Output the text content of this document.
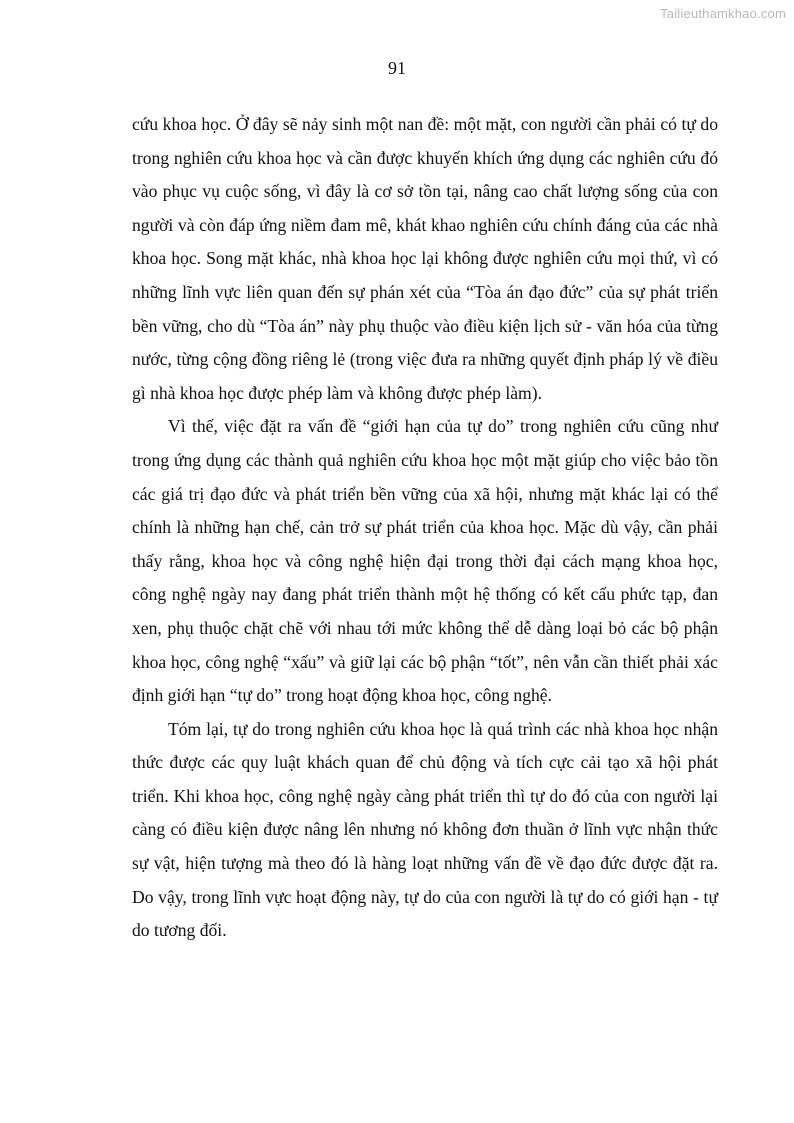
Tailieuthamkhao.com
91

cứu khoa học. Ở đây sẽ nảy sinh một nan đề: một mặt, con người cần phải có tự do trong nghiên cứu khoa học và cần được khuyến khích ứng dụng các nghiên cứu đó vào phục vụ cuộc sống, vì đây là cơ sở tồn tại, nâng cao chất lượng sống của con người và còn đáp ứng niềm đam mê, khát khao nghiên cứu chính đáng của các nhà khoa học. Song mặt khác, nhà khoa học lại không được nghiên cứu mọi thứ, vì có những lĩnh vực liên quan đến sự phán xét của “Tòa án đạo đức” của sự phát triển bền vững, cho dù “Tòa án” này phụ thuộc vào điều kiện lịch sử - văn hóa của từng nước, từng cộng đồng riêng lẻ (trong việc đưa ra những quyết định pháp lý về điều gì nhà khoa học được phép làm và không được phép làm).

Vì thế, việc đặt ra vấn đề “giới hạn của tự do” trong nghiên cứu cũng như trong ứng dụng các thành quả nghiên cứu khoa học một mặt giúp cho việc bảo tồn các giá trị đạo đức và phát triển bền vững của xã hội, nhưng mặt khác lại có thể chính là những hạn chế, cản trở sự phát triển của khoa học. Mặc dù vậy, cần phải thấy rằng, khoa học và công nghệ hiện đại trong thời đại cách mạng khoa học, công nghệ ngày nay đang phát triển thành một hệ thống có kết cấu phức tạp, đan xen, phụ thuộc chặt chẽ với nhau tới mức không thể dễ dàng loại bỏ các bộ phận khoa học, công nghệ “xấu” và giữ lại các bộ phận “tốt”, nên vẫn cần thiết phải xác định giới hạn “tự do” trong hoạt động khoa học, công nghệ.

Tóm lại, tự do trong nghiên cứu khoa học là quá trình các nhà khoa học nhận thức được các quy luật khách quan để chủ động và tích cực cải tạo xã hội phát triển. Khi khoa học, công nghệ ngày càng phát triển thì tự do đó của con người lại càng có điều kiện được nâng lên nhưng nó không đơn thuần ở lĩnh vực nhận thức sự vật, hiện tượng mà theo đó là hàng loạt những vấn đề về đạo đức được đặt ra. Do vậy, trong lĩnh vực hoạt động này, tự do của con người là tự do có giới hạn - tự do tương đối.
